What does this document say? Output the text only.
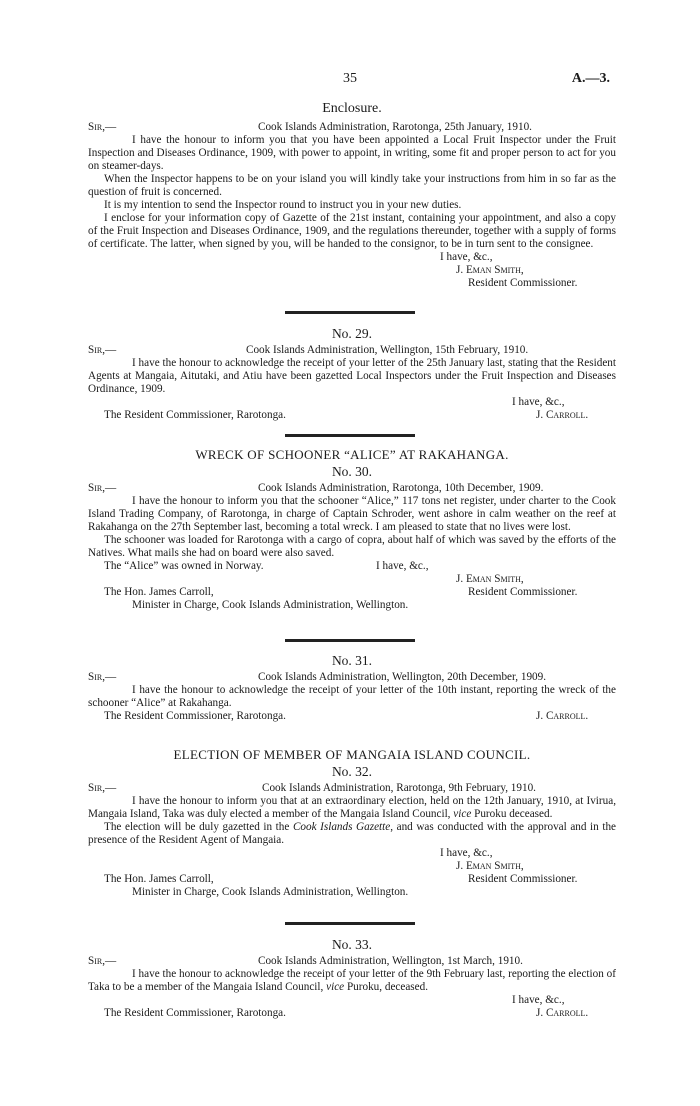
35	A.—3.
Enclosure.
Sir,—	Cook Islands Administration, Rarotonga, 25th January, 1910.

I have the honour to inform you that you have been appointed a Local Fruit Inspector under the Fruit Inspection and Diseases Ordinance, 1909, with power to appoint, in writing, some fit and proper person to act for you on steamer-days.

When the Inspector happens to be on your island you will kindly take your instructions from him in so far as the question of fruit is concerned.

It is my intention to send the Inspector round to instruct you in your new duties.

I enclose for your information copy of Gazette of the 21st instant, containing your appointment, and also a copy of the Fruit Inspection and Diseases Ordinance, 1909, and the regulations thereunder, together with a supply of forms of certificate. The latter, when signed by you, will be handed to the consignor, to be in turn sent to the consignee.

I have, &c.,
J. Eman Smith,
Resident Commissioner.
No. 29.
Sir,—	Cook Islands Administration, Wellington, 15th February, 1910.

I have the honour to acknowledge the receipt of your letter of the 25th January last, stating that the Resident Agents at Mangaia, Aitutaki, and Atiu have been gazetted Local Inspectors under the Fruit Inspection and Diseases Ordinance, 1909.

I have, &c.,
The Resident Commissioner, Rarotonga.	J. Carroll.
WRECK OF SCHOONER “ALICE” AT RAKAHANGA.
No. 30.
Sir,—	Cook Islands Administration, Rarotonga, 10th December, 1909.

I have the honour to inform you that the schooner “Alice,” 117 tons net register, under charter to the Cook Island Trading Company, of Rarotonga, in charge of Captain Schroder, went ashore in calm weather on the reef at Rakahanga on the 27th September last, becoming a total wreck. I am pleased to state that no lives were lost.

The schooner was loaded for Rarotonga with a cargo of copra, about half of which was saved by the efforts of the Natives. What mails she had on board were also saved.

The “Alice” was owned in Norway.	I have, &c.,
J. Eman Smith,
The Hon. James Carroll,	Resident Commissioner.
Minister in Charge, Cook Islands Administration, Wellington.
No. 31.
Sir,—	Cook Islands Administration, Wellington, 20th December, 1909.

I have the honour to acknowledge the receipt of your letter of the 10th instant, reporting the wreck of the schooner “Alice” at Rakahanga.

The Resident Commissioner, Rarotonga.	J. Carroll.
ELECTION OF MEMBER OF MANGAIA ISLAND COUNCIL.
No. 32.
Sir,—	Cook Islands Administration, Rarotonga, 9th February, 1910.

I have the honour to inform you that at an extraordinary election, held on the 12th January, 1910, at Ivirua, Mangaia Island, Taka was duly elected a member of the Mangaia Island Council, vice Puroku deceased.

The election will be duly gazetted in the Cook Islands Gazette, and was conducted with the approval and in the presence of the Resident Agent of Mangaia.

I have, &c.,
J. Eman Smith,
The Hon. James Carroll,	Resident Commissioner.
Minister in Charge, Cook Islands Administration, Wellington.
No. 33.
Sir,—	Cook Islands Administration, Wellington, 1st March, 1910.

I have the honour to acknowledge the receipt of your letter of the 9th February last, reporting the election of Taka to be a member of the Mangaia Island Council, vice Puroku, deceased.

I have, &c.,
The Resident Commissioner, Rarotonga.	J. Carroll.
